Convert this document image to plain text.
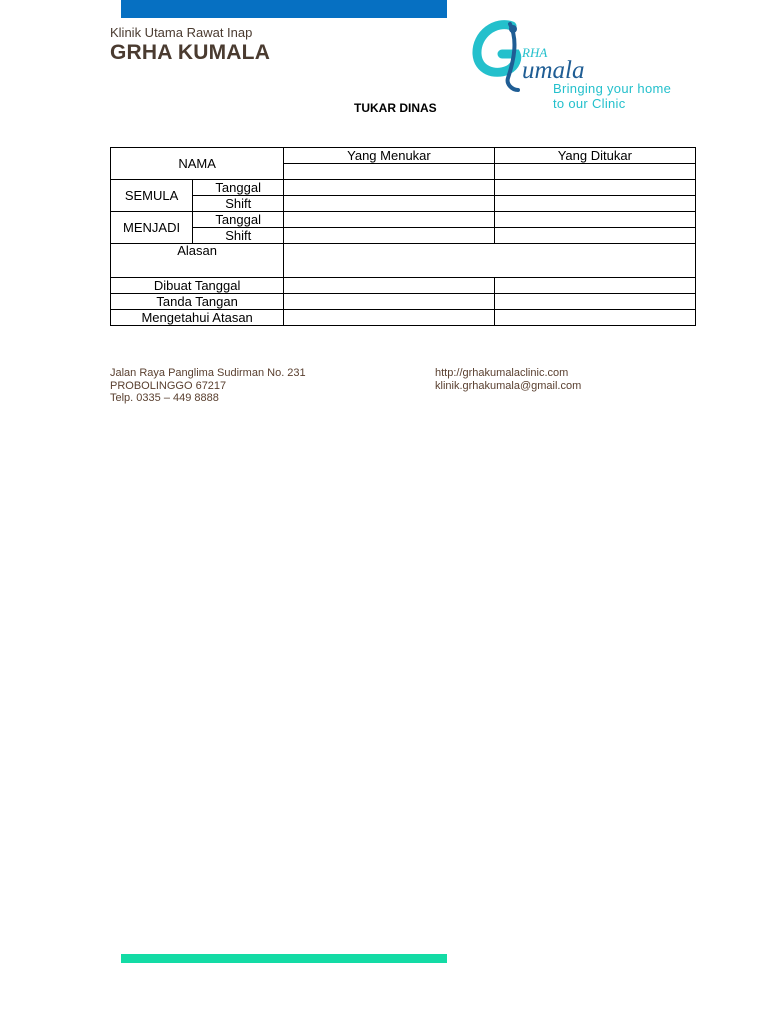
Klinik Utama Rawat Inap
GRHA KUMALA	RHA
umala
Bringing your home
to our Clinic
TUKAR DINAS
NAMA		Yang Menukar	Yang Ditukar

SEMULA	Tanggal		
	Shift		
MENJADI	Tanggal		
	Shift		
Alasan			
Dibuat Tanggal			
Tanda Tangan			
Mengetahui Atasan			
Jalan Raya Panglima Sudirman No. 231
PROBOLINGGO 67217
Telp. 0335 – 449 8888
http://grhakumalaclinic.com
klinik.grhakumala@gmail.com
